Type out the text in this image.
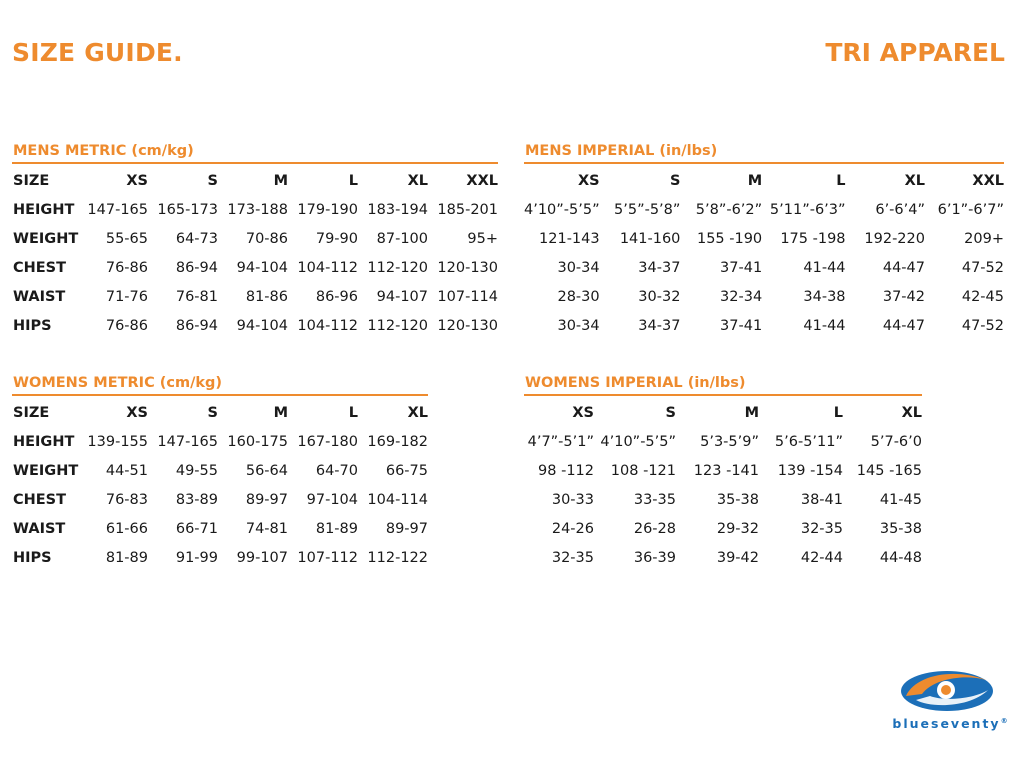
SIZE GUIDE.	TRI APPAREL
MENS METRIC (cm/kg)
SIZE	XS	S	M	L	XL	XXL
HEIGHT	147-165	165-173	173-188	179-190	183-194	185-201
WEIGHT	55-65	64-73	70-86	79-90	87-100	95+
CHEST	76-86	86-94	94-104	104-112	112-120	120-130
WAIST	71-76	76-81	81-86	86-96	94-107	107-114
HIPS	76-86	86-94	94-104	104-112	112-120	120-130
MENS IMPERIAL (in/lbs)
XS	S	M	L	XL	XXL
4’10”-5’5”	5’5”-5’8”	5’8”-6’2”	5’11”-6’3”	6’-6’4”	6’1”-6’7”
121-143	141-160	155 -190	175 -198	192-220	209+
30-34	34-37	37-41	41-44	44-47	47-52
28-30	30-32	32-34	34-38	37-42	42-45
30-34	34-37	37-41	41-44	44-47	47-52
WOMENS METRIC (cm/kg)
SIZE	XS	S	M	L	XL
HEIGHT	139-155	147-165	160-175	167-180	169-182
WEIGHT	44-51	49-55	56-64	64-70	66-75
CHEST	76-83	83-89	89-97	97-104	104-114
WAIST	61-66	66-71	74-81	81-89	89-97
HIPS	81-89	91-99	99-107	107-112	112-122
WOMENS IMPERIAL (in/lbs)
XS	S	M	L	XL
4’7”-5’1”	4’10”-5’5”	5’3-5’9”	5’6-5’11”	5’7-6’0
98 -112	108 -121	123 -141	139 -154	145 -165
30-33	33-35	35-38	38-41	41-45
24-26	26-28	29-32	32-35	35-38
32-35	36-39	39-42	42-44	44-48
blueseventy®
